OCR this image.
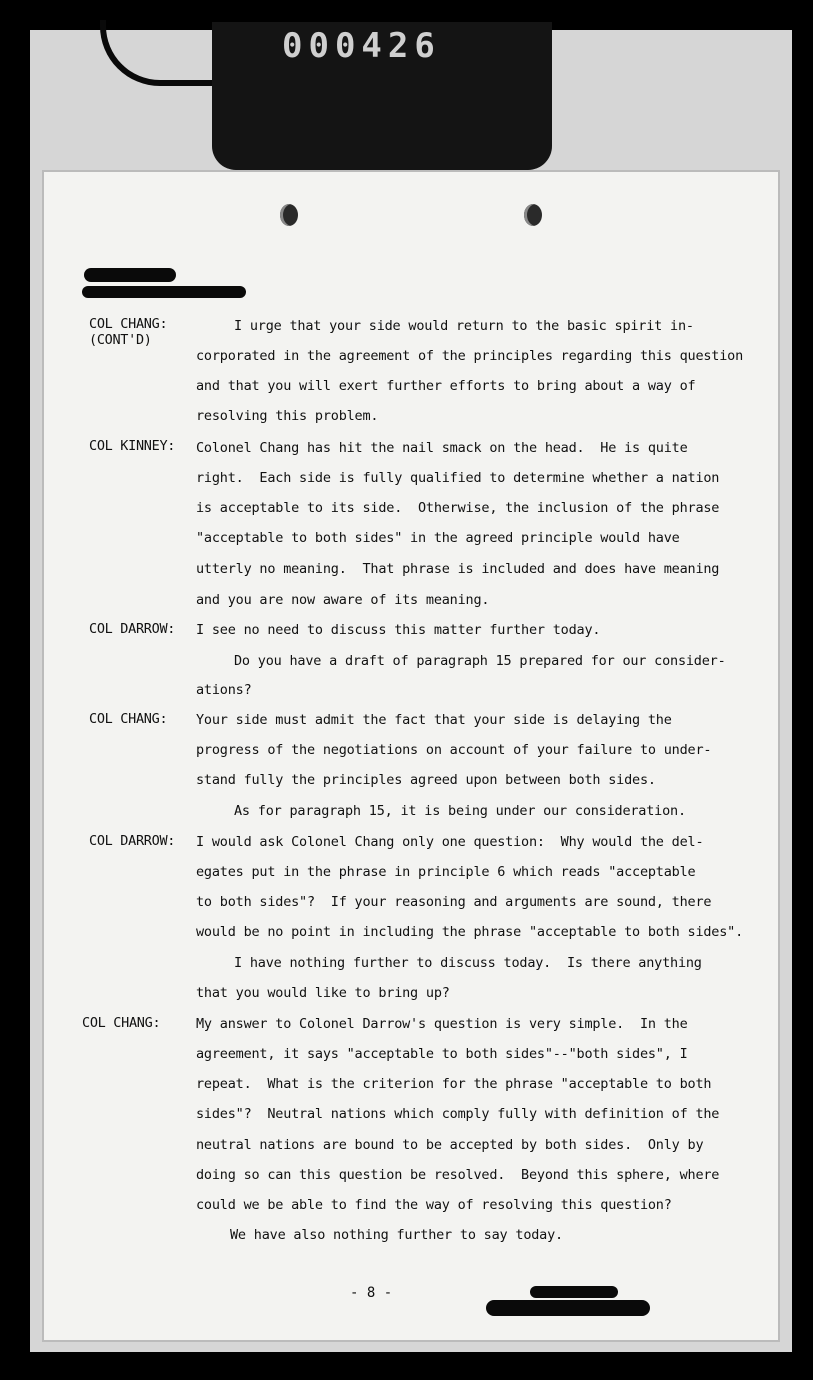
000426
COL CHANG:
(CONT'D)
I urge that your side would return to the basic spirit in-
corporated in the agreement of the principles regarding this question
and that you will exert further efforts to bring about a way of
resolving this problem.
COL KINNEY: Colonel Chang has hit the nail smack on the head.  He is quite
right.  Each side is fully qualified to determine whether a nation
is acceptable to its side.  Otherwise, the inclusion of the phrase
"acceptable to both sides" in the agreed principle would have
utterly no meaning.  That phrase is included and does have meaning
and you are now aware of its meaning.
COL DARROW: I see no need to discuss this matter further today.
Do you have a draft of paragraph 15 prepared for our consider-
ations?
COL CHANG: Your side must admit the fact that your side is delaying the
progress of the negotiations on account of your failure to under-
stand fully the principles agreed upon between both sides.
As for paragraph 15, it is being under our consideration.
COL DARROW: I would ask Colonel Chang only one question:  Why would the del-
egates put in the phrase in principle 6 which reads "acceptable
to both sides"?  If your reasoning and arguments are sound, there
would be no point in including the phrase "acceptable to both sides".
I have nothing further to discuss today.  Is there anything
that you would like to bring up?
COL CHANG:	My answer to Colonel Darrow's question is very simple.  In the
agreement, it says "acceptable to both sides"--"both sides", I
repeat.  What is the criterion for the phrase "acceptable to both
sides"?  Neutral nations which comply fully with definition of the
neutral nations are bound to be accepted by both sides.  Only by
doing so can this question be resolved.  Beyond this sphere, where
could we be able to find the way of resolving this question?
We have also nothing further to say today.
- 8 -
